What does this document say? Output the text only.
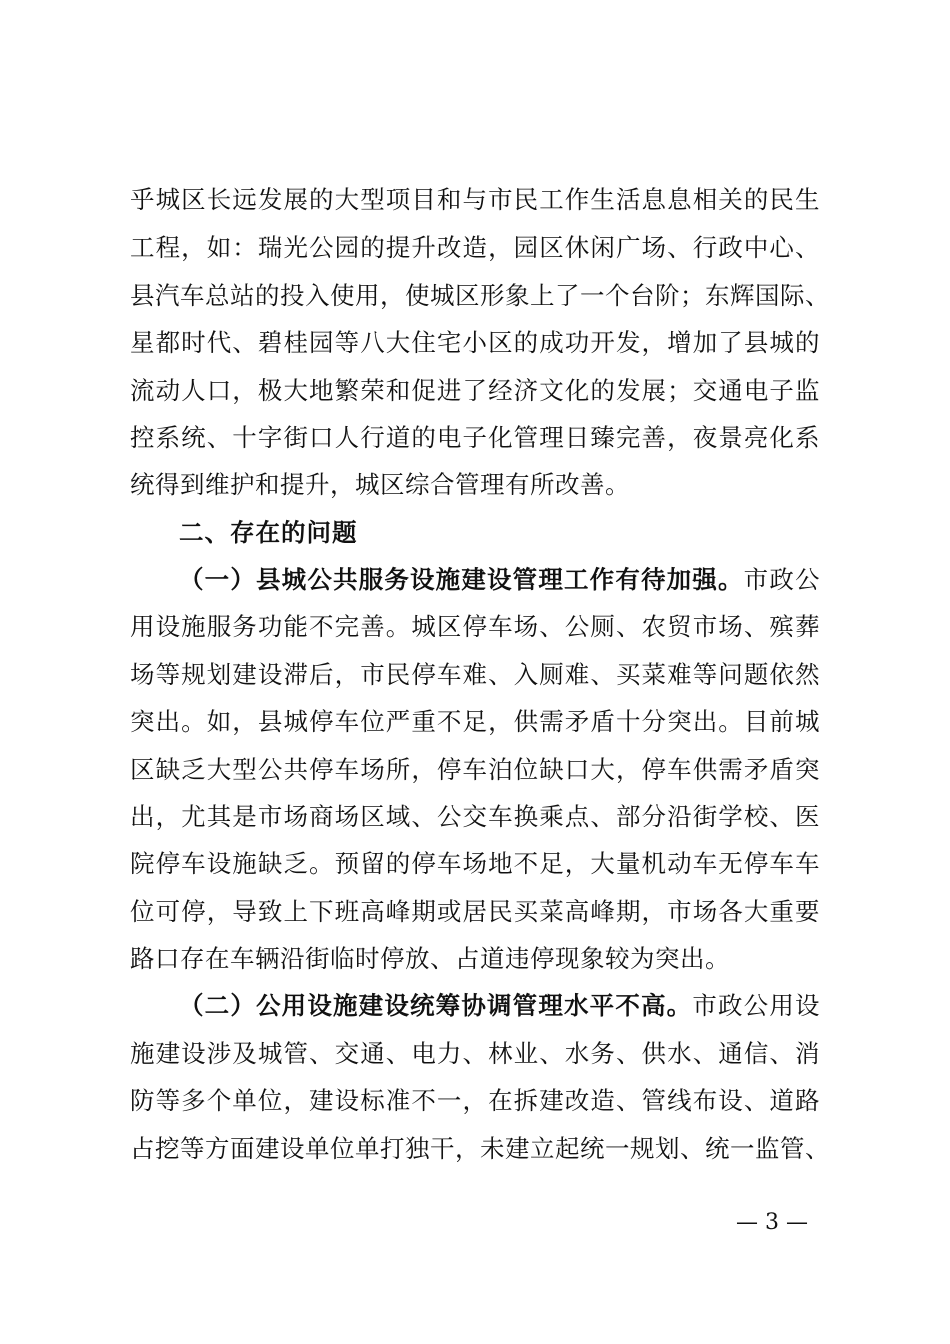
乎城区长远发展的大型项目和与市民工作生活息息相关的民生
工程，如：瑞光公园的提升改造，园区休闲广场、行政中心、
县汽车总站的投入使用，使城区形象上了一个台阶；东辉国际、
星都时代、碧桂园等八大住宅小区的成功开发，增加了县城的
流动人口，极大地繁荣和促进了经济文化的发展；交通电子监
控系统、十字街口人行道的电子化管理日臻完善，夜景亮化系
统得到维护和提升，城区综合管理有所改善。
二、存在的问题
（一）县城公共服务设施建设管理工作有待加强。市政公
用设施服务功能不完善。城区停车场、公厕、农贸市场、殡葬
场等规划建设滞后，市民停车难、入厕难、买菜难等问题依然
突出。如，县城停车位严重不足，供需矛盾十分突出。目前城
区缺乏大型公共停车场所，停车泊位缺口大，停车供需矛盾突
出，尤其是市场商场区域、公交车换乘点、部分沿街学校、医
院停车设施缺乏。预留的停车场地不足，大量机动车无停车车
位可停，导致上下班高峰期或居民买菜高峰期，市场各大重要
路口存在车辆沿街临时停放、占道违停现象较为突出。
（二）公用设施建设统筹协调管理水平不高。市政公用设
施建设涉及城管、交通、电力、林业、水务、供水、通信、消
防等多个单位，建设标准不一，在拆建改造、管线布设、道路
占挖等方面建设单位单打独干，未建立起统一规划、统一监管、
— 3 —
